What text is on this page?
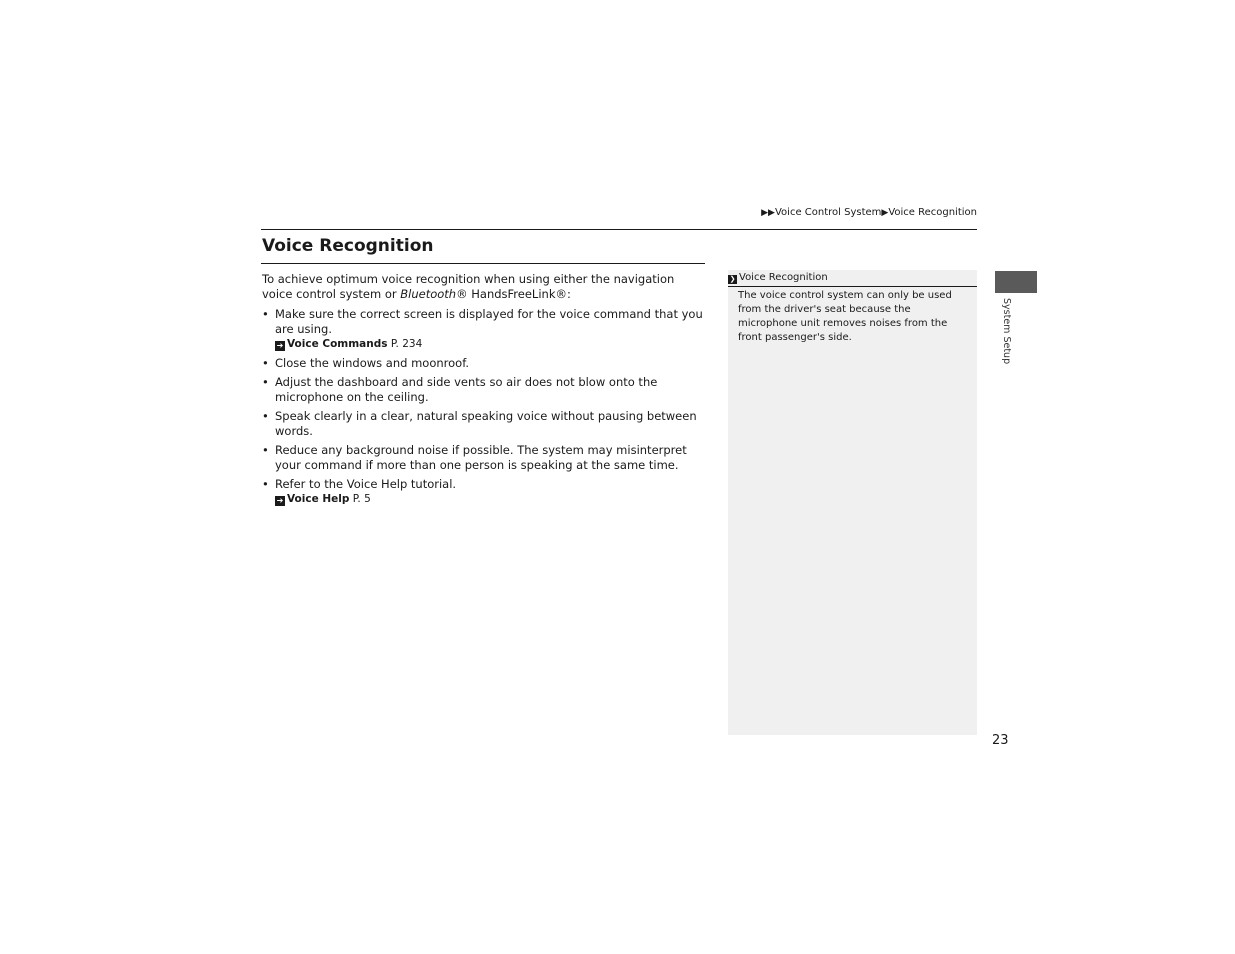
▶▶Voice Control System▶Voice Recognition
Voice Recognition

To achieve optimum voice recognition when using either the navigation voice control system or Bluetooth® HandsFreeLink®:

• Make sure the correct screen is displayed for the voice command that you are using.
➔ Voice Commands P. 234
• Close the windows and moonroof.
• Adjust the dashboard and side vents so air does not blow onto the microphone on the ceiling.
• Speak clearly in a clear, natural speaking voice without pausing between words.
• Reduce any background noise if possible. The system may misinterpret your command if more than one person is speaking at the same time.
• Refer to the Voice Help tutorial.
➔ Voice Help P. 5

❯ Voice Recognition

The voice control system can only be used from the driver's seat because the microphone unit removes noises from the front passenger's side.	System Setup
23
